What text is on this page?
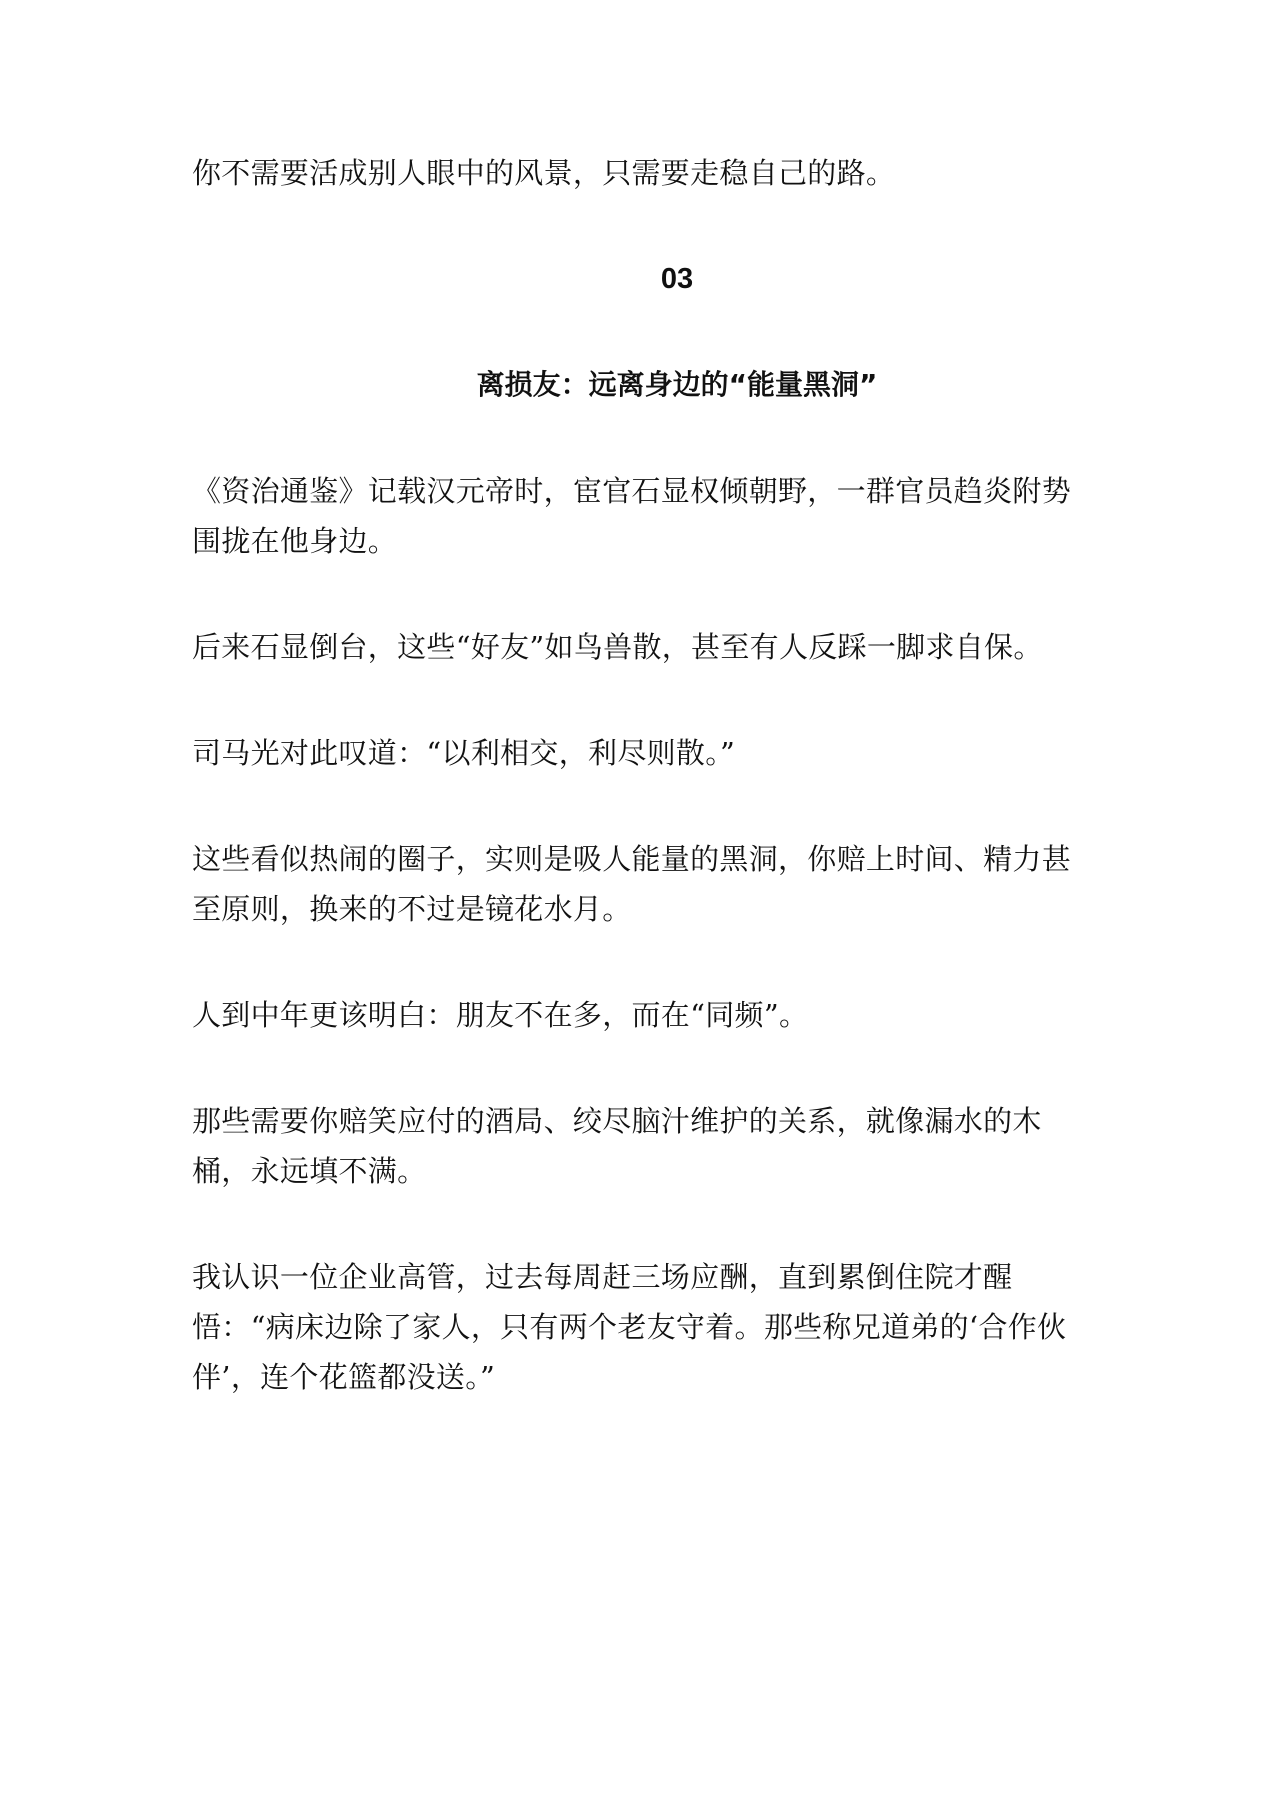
你不需要活成别人眼中的风景，只需要走稳自己的路。

03
离损友：远离身边的“能量黑洞”

《资治通鉴》记载汉元帝时，宦官石显权倾朝野，一群官员趋炎附势围拢在他身边。

后来石显倒台，这些“好友”如鸟兽散，甚至有人反踩一脚求自保。

司马光对此叹道：“以利相交，利尽则散。”

这些看似热闹的圈子，实则是吸人能量的黑洞，你赔上时间、精力甚至原则，换来的不过是镜花水月。

人到中年更该明白：朋友不在多，而在“同频”。

那些需要你赔笑应付的酒局、绞尽脑汁维护的关系，就像漏水的木桶，永远填不满。

我认识一位企业高管，过去每周赶三场应酬，直到累倒住院才醒悟：“病床边除了家人，只有两个老友守着。那些称兄道弟的‘合作伙伴’，连个花篮都没送。”
